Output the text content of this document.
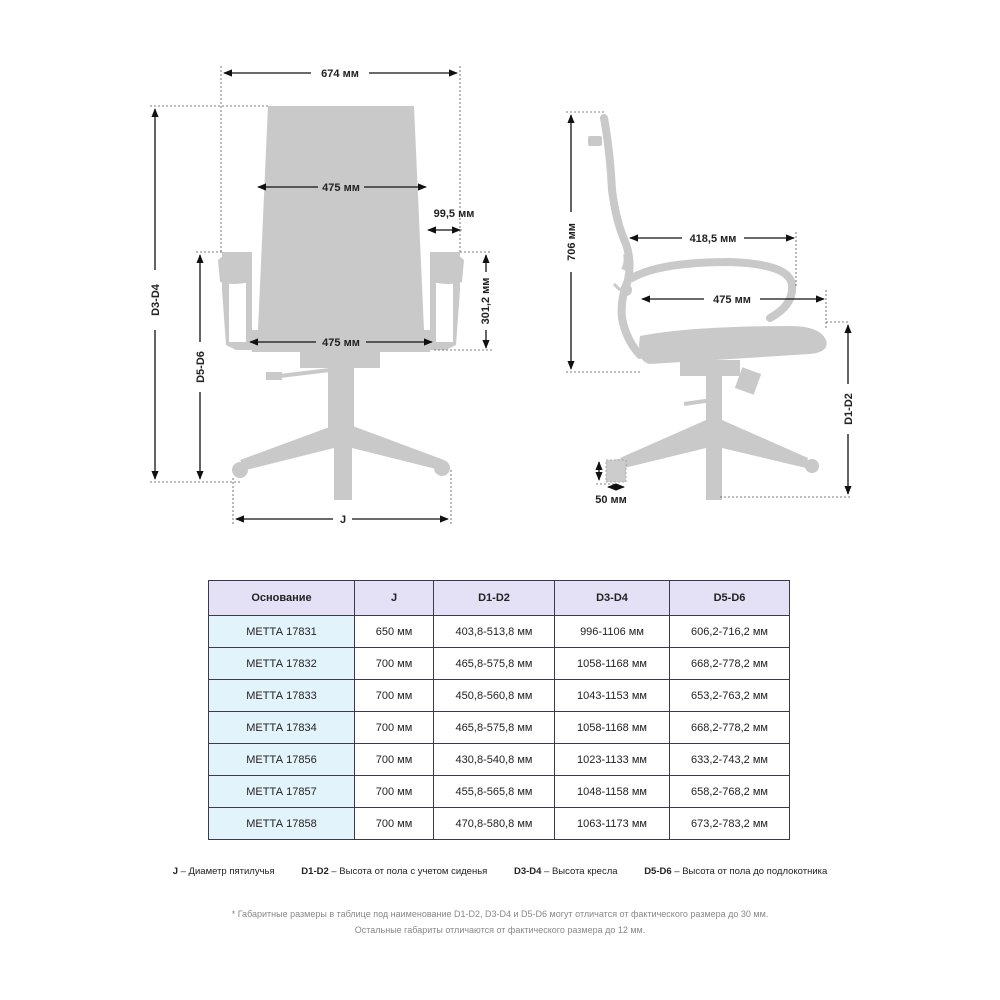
674 мм
475 мм
99,5 мм
301,2 мм
475 мм
D3-D4
D5-D6
J
706 мм	418,5 мм
475 мм
D1-D2
50 мм
Основание	J	D1-D2	D3-D4	D5-D6
МЕТТА 17831	650 мм	403,8-513,8 мм	996-1106 мм	606,2-716,2 мм
МЕТТА 17832	700 мм	465,8-575,8 мм	1058-1168 мм	668,2-778,2 мм
МЕТТА 17833	700 мм	450,8-560,8 мм	1043-1153 мм	653,2-763,2 мм
МЕТТА 17834	700 мм	465,8-575,8 мм	1058-1168 мм	668,2-778,2 мм
МЕТТА 17856	700 мм	430,8-540,8 мм	1023-1133 мм	633,2-743,2 мм
МЕТТА 17857	700 мм	455,8-565,8 мм	1048-1158 мм	658,2-768,2 мм
МЕТТА 17858	700 мм	470,8-580,8 мм	1063-1173 мм	673,2-783,2 мм
J – Диаметр пятилучья	D1-D2 – Высота от пола с учетом сиденья	D3-D4 – Высота кресла	D5-D6 – Высота от пола до подлокотника
* Габаритные размеры в таблице под наименование D1-D2, D3-D4 и D5-D6 могут отличатся от фактического размера до 30 мм.
Остальные габариты отличаются от фактического размера до 12 мм.
